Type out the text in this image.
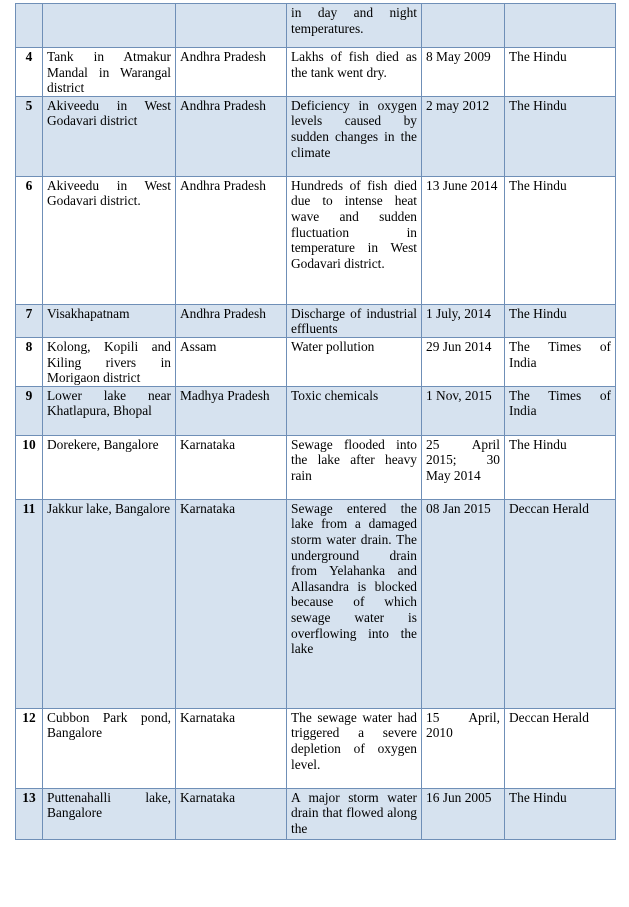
			in day and night temperatures.		
4	Tank in Atmakur Mandal in Warangal district	Andhra Pradesh	Lakhs of fish died as the tank went dry.	8 May 2009	The Hindu
5	Akiveedu in West Godavari district	Andhra Pradesh	Deficiency in oxygen levels caused by sudden changes in the climate	2 may 2012	The Hindu
6	Akiveedu in West Godavari district.	Andhra Pradesh	Hundreds of fish died due to intense heat wave and sudden fluctuation in temperature in West Godavari district.	13 June 2014	The Hindu
7	Visakhapatnam	Andhra Pradesh	Discharge of industrial effluents	1 July, 2014	The Hindu
8	Kolong, Kopili and Kiling rivers in Morigaon district	Assam	Water pollution	29 Jun 2014	The Times of India
9	Lower lake near Khatlapura, Bhopal	Madhya Pradesh	Toxic chemicals	1 Nov, 2015	The Times of India
10	Dorekere, Bangalore	Karnataka	Sewage flooded into the lake after heavy rain	25 April 2015; 30 May 2014	The Hindu
11	Jakkur lake, Bangalore	Karnataka	Sewage entered the lake from a damaged storm water drain. The underground drain from Yelahanka and Allasandra is blocked because of which sewage water is overflowing into the lake	08 Jan 2015	Deccan Herald
12	Cubbon Park pond, Bangalore	Karnataka	The sewage water had triggered a severe depletion of oxygen level.	15 April, 2010	Deccan Herald
13	Puttenahalli lake, Bangalore	Karnataka	A major storm water drain that flowed along the	16 Jun 2005	The Hindu
